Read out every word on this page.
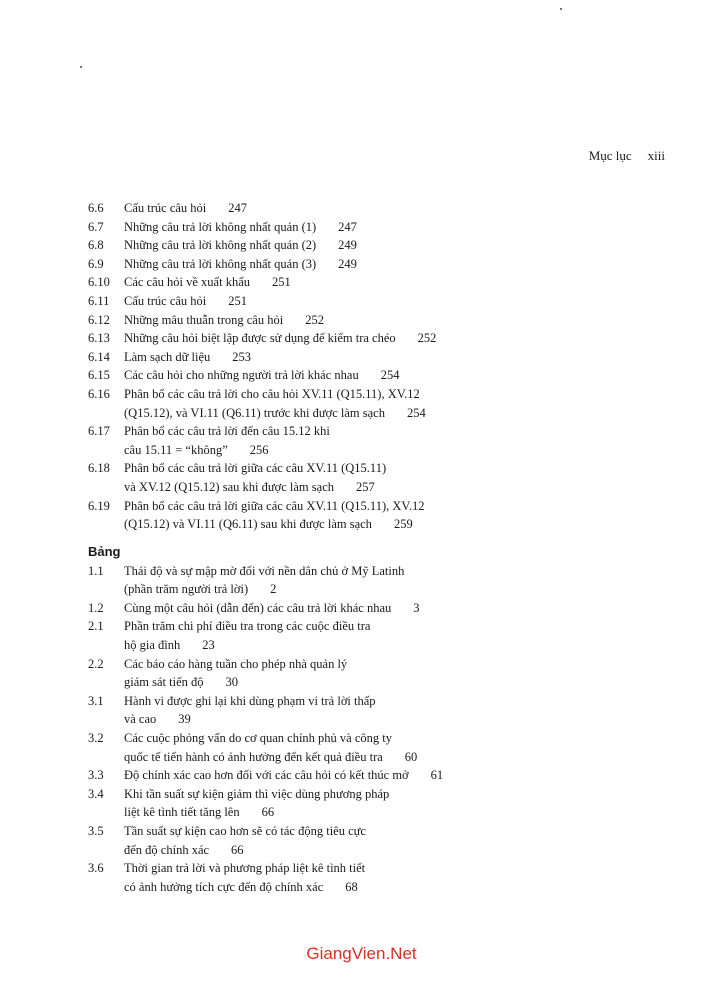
Mục lục xiii
6.6	Cấu trúc câu hỏi 247
6.7	Những câu trả lời không nhất quán (1) 247
6.8	Những câu trả lời không nhất quán (2) 249
6.9	Những câu trả lời không nhất quán (3) 249
6.10	Các câu hỏi về xuất khẩu 251
6.11	Cấu trúc câu hỏi 251
6.12	Những mâu thuẫn trong câu hỏi 252
6.13	Những câu hỏi biệt lập được sử dụng để kiểm tra chéo 252
6.14	Làm sạch dữ liệu 253
6.15	Các câu hỏi cho những người trả lời khác nhau 254
6.16	Phân bổ các câu trả lời cho câu hỏi XV.11 (Q15.11), XV.12
(Q15.12), và VI.11 (Q6.11) trước khi được làm sạch 254
6.17	Phân bổ các câu trả lời đến câu 15.12 khi
câu 15.11 = “không” 256
6.18	Phân bổ các câu trả lời giữa các câu XV.11 (Q15.11)
và XV.12 (Q15.12) sau khi được làm sạch 257
6.19	Phân bổ các câu trả lời giữa các câu XV.11 (Q15.11), XV.12
(Q15.12) và VI.11 (Q6.11) sau khi được làm sạch 259
Bảng
1.1	Thái độ và sự mập mờ đối với nền dân chủ ở Mỹ Latinh
(phần trăm người trả lời) 2
1.2	Cùng một câu hỏi (dẫn đến) các câu trả lời khác nhau 3
2.1	Phần trăm chi phí điều tra trong các cuộc điều tra
hộ gia đình 23
2.2	Các báo cáo hàng tuần cho phép nhà quản lý
giám sát tiến độ 30
3.1	Hành vi được ghi lại khi dùng phạm vi trả lời thấp
và cao 39
3.2	Các cuộc phỏng vấn do cơ quan chính phủ và công ty
quốc tế tiến hành có ảnh hưởng đến kết quả điều tra 60
3.3	Độ chính xác cao hơn đối với các câu hỏi có kết thúc mở 61
3.4	Khi tần suất sự kiện giảm thì việc dùng phương pháp
liệt kê tình tiết tăng lên 66
3.5	Tần suất sự kiện cao hơn sẽ có tác động tiêu cực
đến độ chính xác 66
3.6	Thời gian trả lời và phương pháp liệt kê tình tiết
có ảnh hưởng tích cực đến độ chính xác 68
GiangVien.Net
